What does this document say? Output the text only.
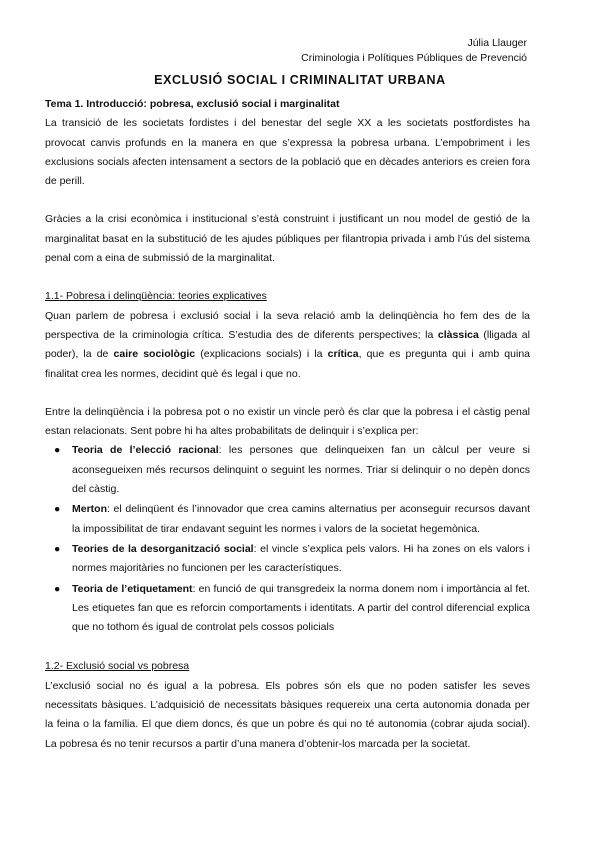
Júlia Llauger
Criminologia i Polítiques Públiques de Prevenció
EXCLUSIÓ SOCIAL I CRIMINALITAT URBANA

Tema 1. Introducció: pobresa, exclusió social i marginalitat

La transició de les societats fordistes i del benestar del segle XX a les societats postfordistes ha provocat canvis profunds en la manera en que s’expressa la pobresa urbana. L’empobriment i les exclusions socials afecten intensament a sectors de la població que en dècades anteriors es creien fora de perill.

Gràcies a la crisi econòmica i institucional s’està construint i justificant un nou model de gestió de la marginalitat basat en la substitució de les ajudes públiques per filantropia privada i amb l’ús del sistema penal com a eina de submissió de la marginalitat.

1.1- Pobresa i delinqüència: teories explicatives

Quan parlem de pobresa i exclusió social i la seva relació amb la delinqüència ho fem des de la perspectiva de la criminologia crítica. S’estudia des de diferents perspectives; la clàssica (lligada al poder), la de caire sociològic (explicacions socials) i la crítica, que es pregunta qui i amb quina finalitat crea les normes, decidint què és legal i que no.

Entre la delinqüència i la pobresa pot o no existir un vincle però és clar que la pobresa i el càstig penal estan relacionats. Sent pobre hi ha altes probabilitats de delinquir i s’explica per:

● Teoria de l’elecció racional: les persones que delinqueixen fan un càlcul per veure si aconsegueixen més recursos delinquint o seguint les normes. Triar si delinquir o no depèn doncs del càstig.
● Merton: el delinqüent és l’innovador que crea camins alternatius per aconseguir recursos davant la impossibilitat de tirar endavant seguint les normes i valors de la societat hegemònica.
● Teories de la desorganització social: el vincle s’explica pels valors. Hi ha zones on els valors i normes majoritàries no funcionen per les característiques.
● Teoria de l’etiquetament: en funció de qui transgredeix la norma donem nom i importància al fet. Les etiquetes fan que es reforcin comportaments i identitats. A partir del control diferencial explica que no tothom és igual de controlat pels cossos policials

1.2- Exclusió social vs pobresa

L’exclusió social no és igual a la pobresa. Els pobres són els que no poden satisfer les seves necessitats bàsiques. L’adquisició de necessitats bàsiques requereix una certa autonomia donada per la feina o la família. El que diem doncs, és que un pobre és qui no té autonomia (cobrar ajuda social). La pobresa és no tenir recursos a partir d’una manera d’obtenir-los marcada per la societat.
